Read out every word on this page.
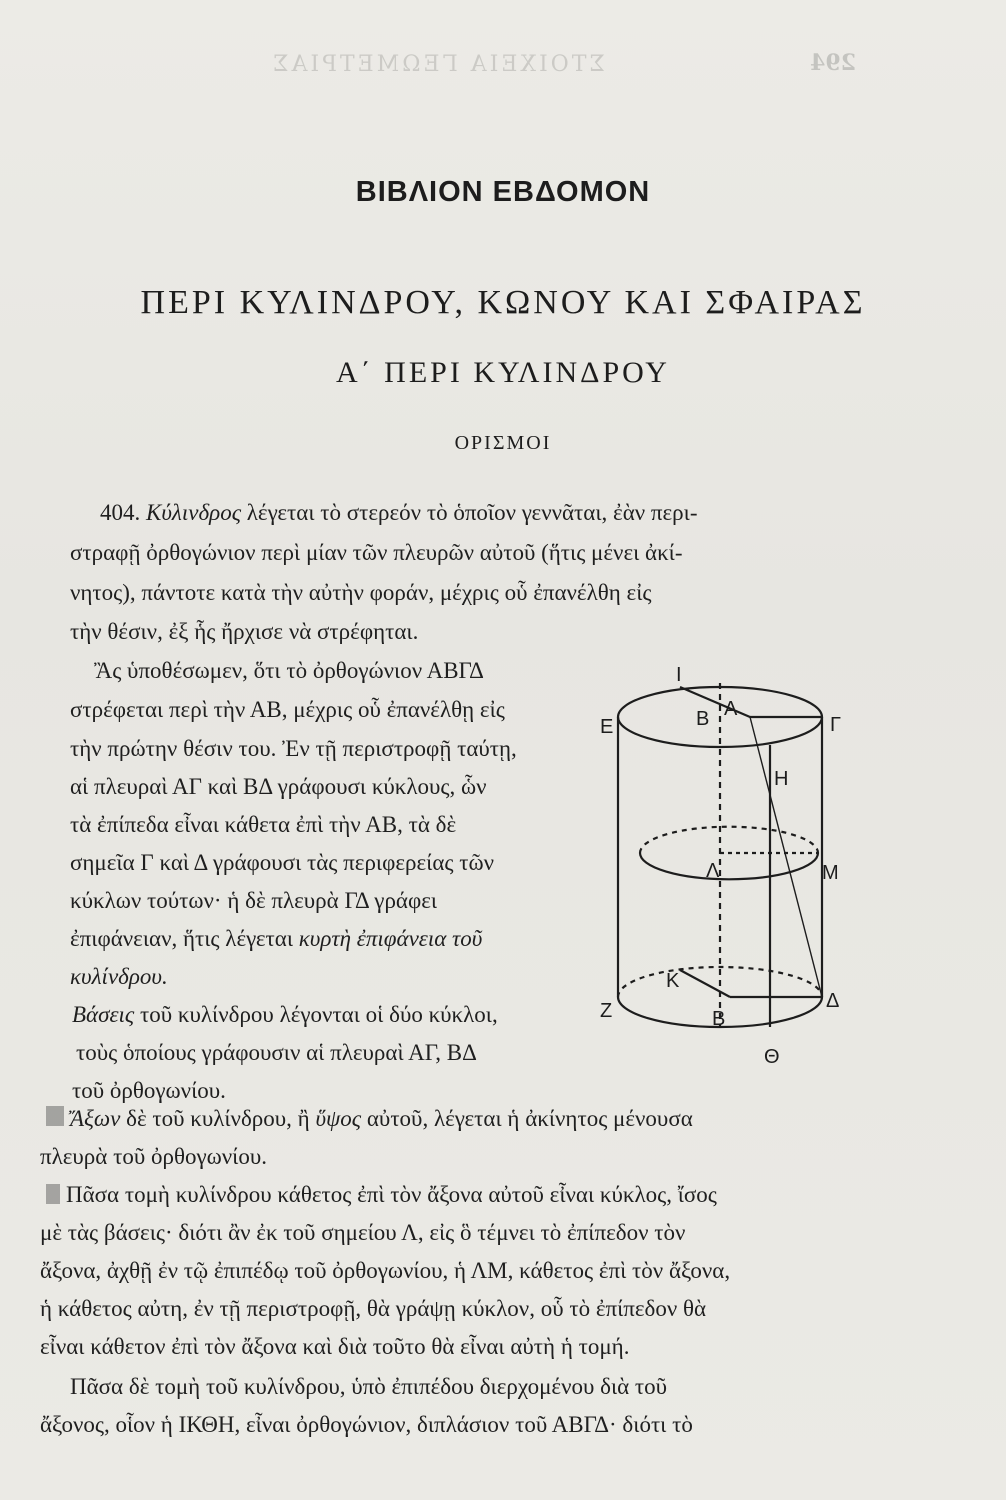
ΣΤΟΙΧΕΙΑ ΓΕΩΜΕΤΡΙΑΣ	294
ΒΙΒΛΙΟΝ ΕΒΔΟΜΟΝ
ΠΕΡΙ ΚΥΛΙΝΔΡΟΥ, ΚΩΝΟΥ ΚΑΙ ΣΦΑΙΡΑΣ
Α΄ ΠΕΡΙ ΚΥΛΙΝΔΡΟΥ
ΟΡΙΣΜΟΙ
404. Κύλινδρος λέγεται τὸ στερεόν τὸ ὁποῖον γεννᾶται, ἐὰν περι-
στραφῇ ὀρθογώνιον περὶ μίαν τῶν πλευρῶν αὐτοῦ (ἥτις μένει ἀκί-
νητος), πάντοτε κατὰ τὴν αὐτὴν φοράν, μέχρις οὗ ἐπανέλθη εἰς
τὴν θέσιν, ἐξ ἧς ἤρχισε νὰ στρέφηται.
Ἂς ὑποθέσωμεν, ὅτι τὸ ὀρθογώνιον ΑΒΓΔ
στρέφεται περὶ τὴν ΑΒ, μέχρις οὗ ἐπανέλθῃ εἰς
τὴν πρώτην θέσιν του. Ἐν τῇ περιστροφῇ ταύτῃ,
αἱ πλευραὶ ΑΓ καὶ ΒΔ γράφουσι κύκλους, ὧν
τὰ ἐπίπεδα εἶναι κάθετα ἐπὶ τὴν ΑΒ, τὰ δὲ
σημεῖα Γ καὶ Δ γράφουσι τὰς περιφερείας τῶν
κύκλων τούτων· ἡ δὲ πλευρὰ ΓΔ γράφει
ἐπιφάνειαν, ἥτις λέγεται κυρτὴ ἐπιφάνεια τοῦ
κυλίνδρου.
Βάσεις τοῦ κυλίνδρου λέγονται οἱ δύο κύκλοι,
τοὺς ὁποίους γράφουσιν αἱ πλευραὶ ΑΓ, ΒΔ
τοῦ ὀρθογωνίου.
Ἄξων δὲ τοῦ κυλίνδρου, ἢ ὕψος αὐτοῦ, λέγεται ἡ ἀκίνητος μένουσα
πλευρὰ τοῦ ὀρθογωνίου.
Πᾶσα τομὴ κυλίνδρου κάθετος ἐπὶ τὸν ἄξονα αὐτοῦ εἶναι κύκλος, ἴσος
μὲ τὰς βάσεις· διότι ἂν ἐκ τοῦ σημείου Λ, εἰς ὃ τέμνει τὸ ἐπίπεδον τὸν
ἄξονα, ἀχθῇ ἐν τῷ ἐπιπέδῳ τοῦ ὀρθογωνίου, ἡ ΛΜ, κάθετος ἐπὶ τὸν ἄξονα,
ἡ κάθετος αὐτη, ἐν τῇ περιστροφῇ, θὰ γράψῃ κύκλον, οὗ τὸ ἐπίπεδον θὰ
εἶναι κάθετον ἐπὶ τὸν ἄξονα καὶ διὰ τοῦτο θὰ εἶναι αὐτὴ ἡ τομή.
Πᾶσα δὲ τομὴ τοῦ κυλίνδρου, ὑπὸ ἐπιπέδου διερχομένου διὰ τοῦ
ἄξονος, οἷον ἡ ΙΚΘΗ, εἶναι ὀρθογώνιον, διπλάσιον τοῦ ΑΒΓΔ· διότι τὸ
I
B A
Γ
E
H
Λ	M
K
Z	Δ
B
Θ
